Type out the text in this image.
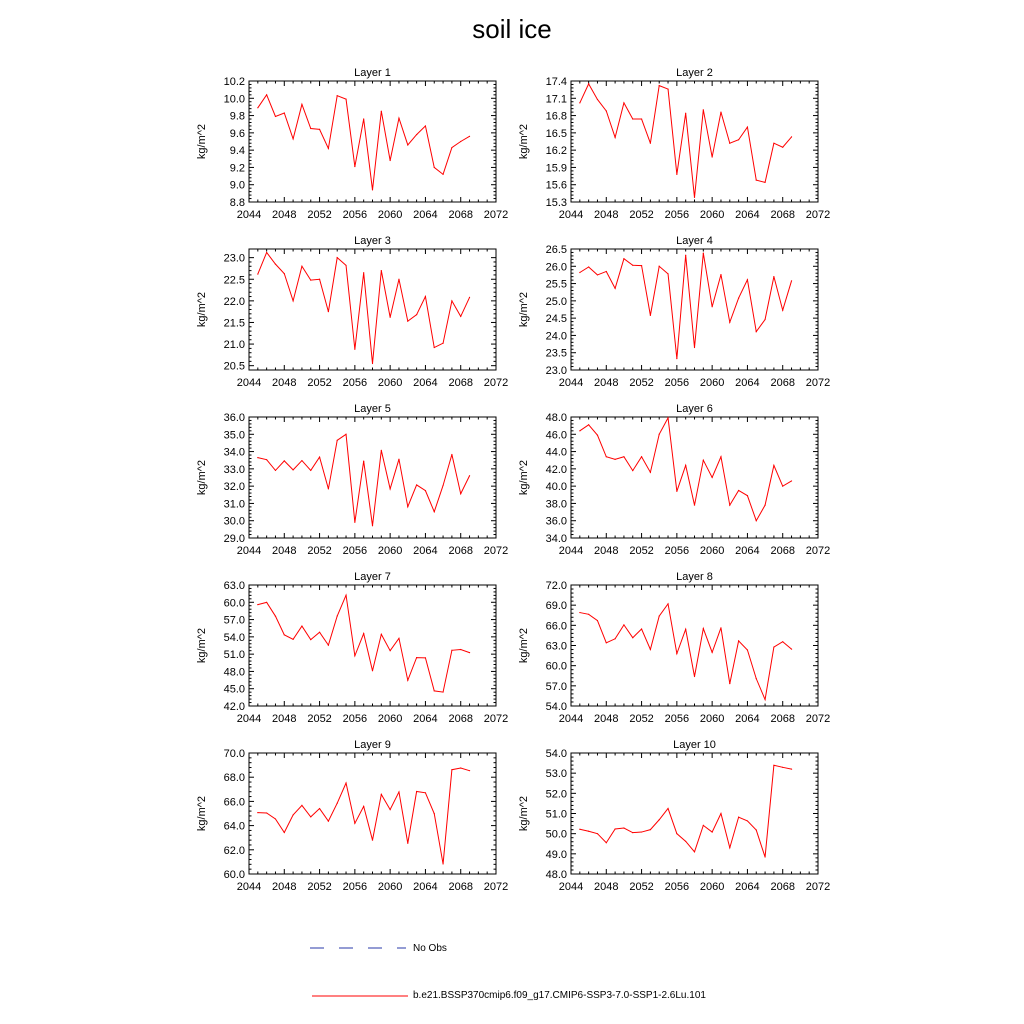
soil ice
Layer 1
kg/m^2
2044 2048 2052 2056 2060 2064 2068 2072
8.8
9.0
9.2
9.4
9.6
9.8
10.0
10.2
Layer 2
kg/m^2
2044 2048 2052 2056 2060 2064 2068 2072
15.3
15.6
15.9
16.2
16.5
16.8
17.1
17.4
Layer 3
kg/m^2
2044 2048 2052 2056 2060 2064 2068 2072
20.5
21.0
21.5
22.0
22.5
23.0
Layer 4
kg/m^2
2044 2048 2052 2056 2060 2064 2068 2072
23.0
23.5
24.0
24.5
25.0
25.5
26.0
26.5
Layer 5
kg/m^2
2044 2048 2052 2056 2060 2064 2068 2072
29.0
30.0
31.0
32.0
33.0
34.0
35.0
36.0
Layer 6
kg/m^2
2044 2048 2052 2056 2060 2064 2068 2072
34.0
36.0
38.0
40.0
42.0
44.0
46.0
48.0
Layer 7
kg/m^2
2044 2048 2052 2056 2060 2064 2068 2072
42.0
45.0
48.0
51.0
54.0
57.0
60.0
63.0
Layer 8
kg/m^2
2044 2048 2052 2056 2060 2064 2068 2072
54.0
57.0
60.0
63.0
66.0
69.0
72.0
Layer 9
kg/m^2
2044 2048 2052 2056 2060 2064 2068 2072
60.0
62.0
64.0
66.0
68.0
70.0
Layer 10
kg/m^2
2044 2048 2052 2056 2060 2064 2068 2072
48.0
49.0
50.0
51.0
52.0
53.0
54.0
No Obs
b.e21.BSSP370cmip6.f09_g17.CMIP6-SSP3-7.0-SSP1-2.6Lu.101
